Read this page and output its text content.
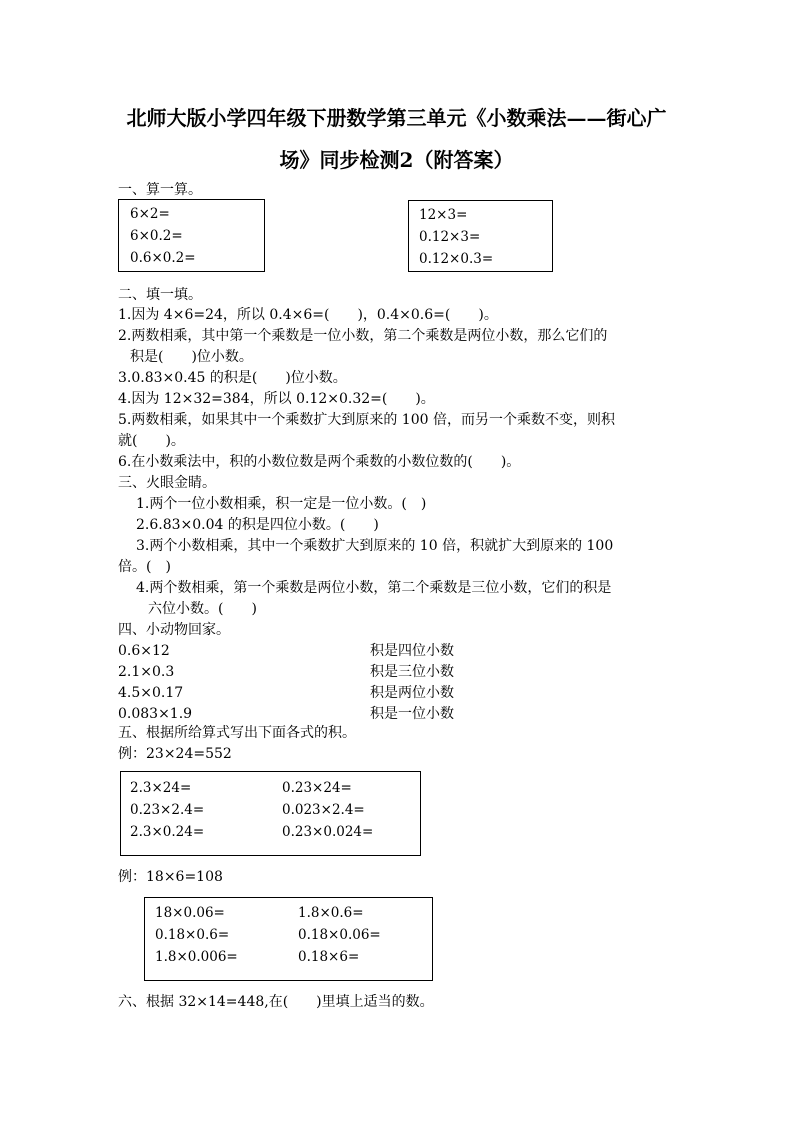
北师大版小学四年级下册数学第三单元《小数乘法——街心广
场》同步检测2（附答案）
一、算一算。
6×2=
6×0.2=
0.6×0.2=
12×3=
0.12×3=
0.12×0.3=
二、填一填。
1.因为 4×6=24，所以 0.4×6=(　　)，0.4×0.6=(　　)。
2.两数相乘，其中第一个乘数是一位小数，第二个乘数是两位小数，那么它们的
积是(　　)位小数。
3.0.83×0.45 的积是(　　)位小数。
4.因为 12×32=384，所以 0.12×0.32=(　　)。
5.两数相乘，如果其中一个乘数扩大到原来的 100 倍，而另一个乘数不变，则积
就(　　)。
6.在小数乘法中，积的小数位数是两个乘数的小数位数的(　　)。
三、火眼金睛。
1.两个一位小数相乘，积一定是一位小数。(　)
2.6.83×0.04 的积是四位小数。(　　)
3.两个小数相乘，其中一个乘数扩大到原来的 10 倍，积就扩大到原来的 100
倍。(　)
4.两个数相乘，第一个乘数是两位小数，第二个乘数是三位小数，它们的积是
六位小数。(　　)
四、小动物回家。
0.6×12
2.1×0.3
4.5×0.17
0.083×1.9
积是四位小数
积是三位小数
积是两位小数
积是一位小数
五、根据所给算式写出下面各式的积。
例：23×24=552
2.3×24=
0.23×2.4=
2.3×0.24=
0.23×24=
0.023×2.4=
0.23×0.024=
例：18×6=108
18×0.06=
0.18×0.6=
1.8×0.006=
1.8×0.6=
0.18×0.06=
0.18×6=
六、根据 32×14=448,在(　　)里填上适当的数。
